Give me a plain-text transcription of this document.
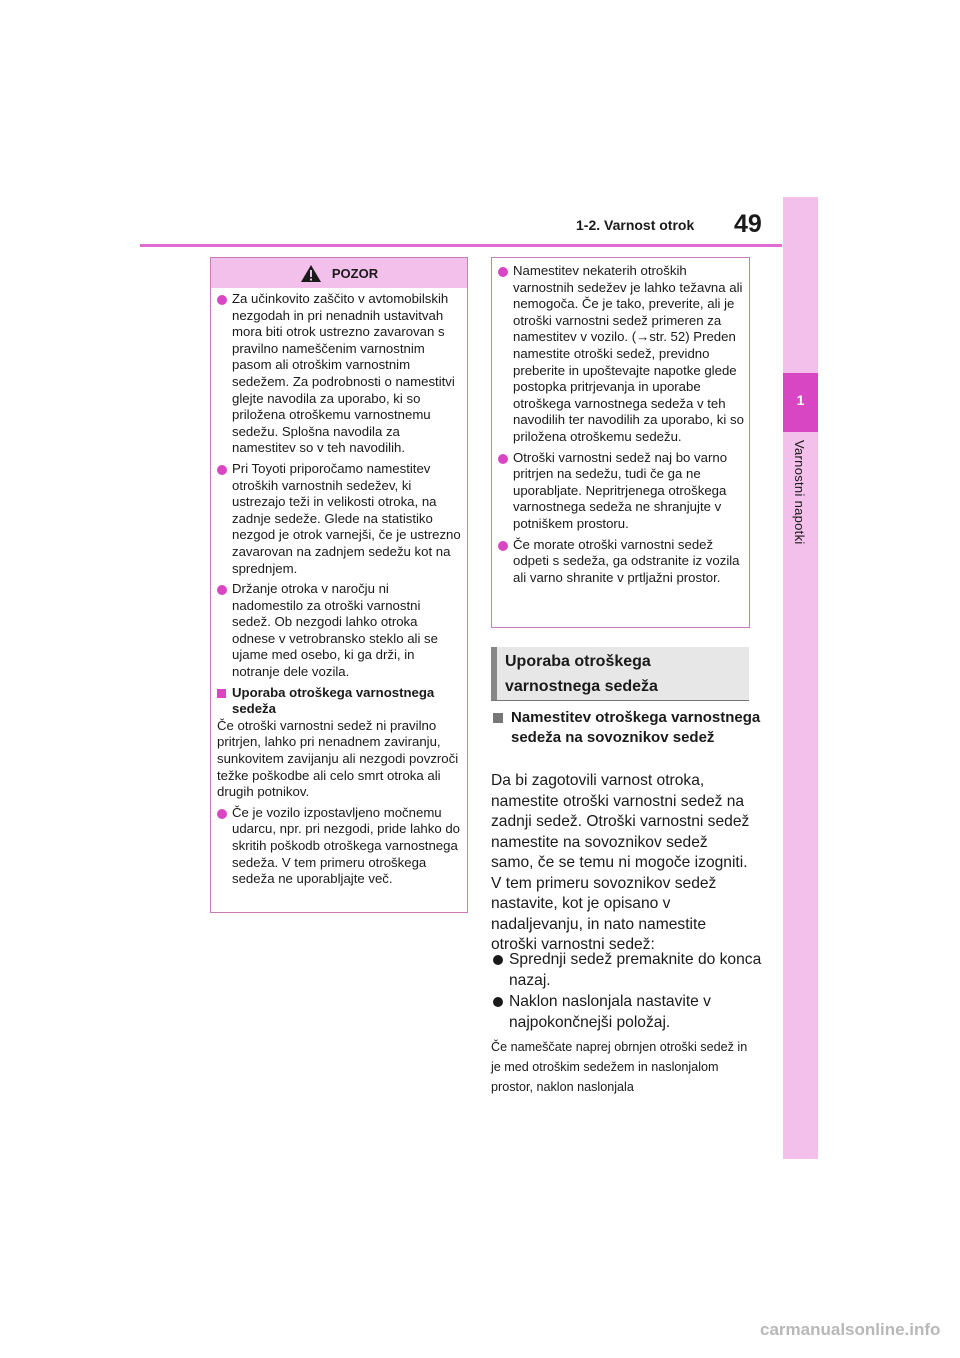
1
Varnostni napotki
1-2. Varnost otrok 49
POZOR
Za učinkovito zaščito v avtomobilskih nezgodah in pri nenadnih ustavitvah mora biti otrok ustrezno zavarovan s pravilno nameščenim varnostnim pasom ali otroškim varnostnim sedežem. Za podrobnosti o namestitvi glejte navodila za uporabo, ki so priložena otroškemu varnostnemu sedežu. Splošna navodila za namestitev so v teh navodilih.
Pri Toyoti priporočamo namestitev otroških varnostnih sedežev, ki ustrezajo teži in velikosti otroka, na zadnje sedeže. Glede na statistiko nezgod je otrok varnejši, če je ustrezno zavarovan na zadnjem sedežu kot na sprednjem.
Držanje otroka v naročju ni nadomestilo za otroški varnostni sedež. Ob nezgodi lahko otroka odnese v vetrobransko steklo ali se ujame med osebo, ki ga drži, in notranje dele vozila.
Uporaba otroškega varnostnega sedeža
Če otroški varnostni sedež ni pravilno pritrjen, lahko pri nenadnem zaviranju, sunkovitem zavijanju ali nezgodi povzroči težke poškodbe ali celo smrt otroka ali drugih potnikov.
Če je vozilo izpostavljeno močnemu udarcu, npr. pri nezgodi, pride lahko do skritih poškodb otroškega varnostnega sedeža. V tem primeru otroškega sedeža ne uporabljajte več.
Namestitev nekaterih otroških varnostnih sedežev je lahko težavna ali nemogoča. Če je tako, preverite, ali je otroški varnostni sedež primeren za namestitev v vozilo. (→str. 52) Preden namestite otroški sedež, previdno preberite in upoštevajte napotke glede postopka pritrjevanja in uporabe otroškega varnostnega sedeža v teh navodilih ter navodilih za uporabo, ki so priložena otroškemu sedežu.
Otroški varnostni sedež naj bo varno pritrjen na sedežu, tudi če ga ne uporabljate. Nepritrjenega otroškega varnostnega sedeža ne shranjujte v potniškem prostoru.
Če morate otroški varnostni sedež odpeti s sedeža, ga odstranite iz vozila ali varno shranite v prtljažni prostor.
Uporaba otroškega varnostnega sedeža
Namestitev otroškega varnostnega sedeža na sovoznikov sedež
Da bi zagotovili varnost otroka, namestite otroški varnostni sedež na zadnji sedež. Otroški varnostni sedež namestite na sovoznikov sedež samo, če se temu ni mogoče izogniti. V tem primeru sovoznikov sedež nastavite, kot je opisano v nadaljevanju, in nato namestite otroški varnostni sedež:
Sprednji sedež premaknite do konca nazaj.
Naklon naslonjala nastavite v najpokončnejši položaj.
Če nameščate naprej obrnjen otroški sedež in je med otroškim sedežem in naslonjalom prostor, naklon naslonjala
carmanualsonline.info
